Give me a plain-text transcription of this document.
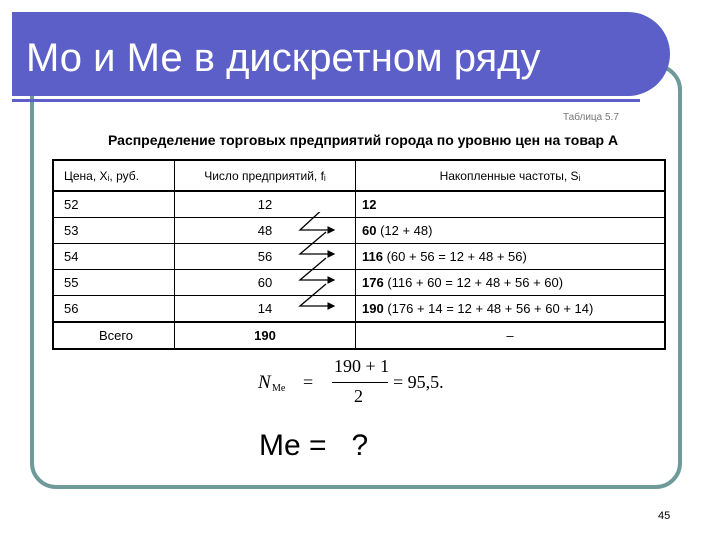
Мо и Ме в дискретном ряду
Таблица 5.7
Распределение торговых предприятий города по уровню цен на товар А
Цена, Xᵢ, руб.	Число предприятий, fᵢ	Накопленные частоты, Sᵢ
52	12	12
53	48	60 (12 + 48)
54	56	116 (60 + 56 = 12 + 48 + 56)
55	60	176 (116 + 60 = 12 + 48 + 56 + 60)
56	14	190 (176 + 14 = 12 + 48 + 56 + 60 + 14)
Всего	190	–
N Me =
190 + 1
2
= 95,5.
Me =   ?
45
